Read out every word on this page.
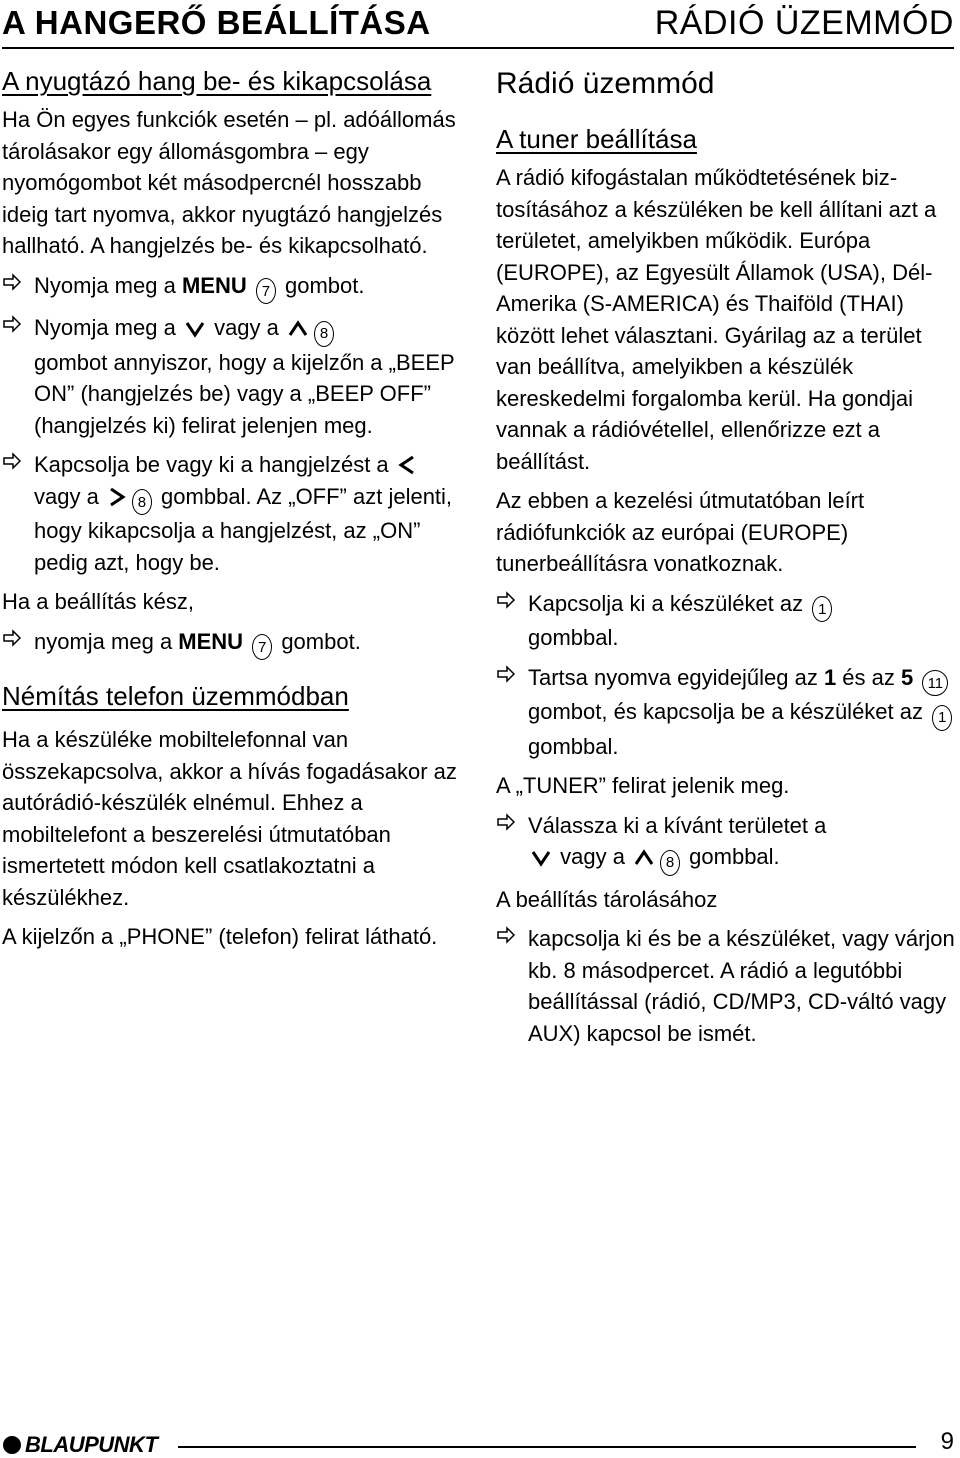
A HANGERŐ BEÁLLÍTÁSA	RÁDIÓ ÜZEMMÓD
A nyugtázó hang be- és kikapcsolása

Ha Ön egyes funkciók esetén – pl. adóállomás tárolásakor egy állomásgombra – egy nyomógombot két másodpercnél hosszabb ideig tart nyomva, akkor nyugtázó hangjelzés hallható. A hangjelzés be- és kikapcsolható.

Nyomja meg a MENU 7 gombot.

Nyomja meg a  vagy a 8
gombot annyiszor, hogy a kijelzőn a „BEEP ON” (hangjelzés be) vagy a „BEEP OFF” (hangjelzés ki) felirat jelenjen meg.

Kapcsolja be vagy ki a hangjelzést a  vagy a 8 gombbal. Az „OFF” azt jelenti, hogy kikapcsolja a hangjelzést, az „ON” pedig azt, hogy be.

Ha a beállítás kész,

nyomja meg a MENU 7 gombot.

Némítás telefon üzemmódban

Ha a készüléke mobiltelefonnal van összekapcsolva, akkor a hívás fogadásakor az autórádió-készülék elnémul. Ehhez a mobiltelefont a beszerelési útmutatóban ismertetett módon kell csatlakoztatni a készülékhez.

A kijelzőn a „PHONE” (telefon) felirat látható.

Rádió üzemmód
A tuner beállítása

A rádió kifogástalan működtetésének biztosításához a készüléken be kell állítani azt a területet, amelyikben működik. Európa (EUROPE), az Egyesült Államok (USA), Dél-Amerika (S-AMERICA) és Thaiföld (THAI) között lehet választani. Gyárilag az a terület van beállítva, amelyikben a készülék kereskedelmi forgalomba kerül. Ha gondjai vannak a rádióvétellel, ellenőrizze ezt a beállítást.

Az ebben a kezelési útmutatóban leírt rádiófunkciók az európai (EUROPE) tunerbeállításra vonatkoznak.

Kapcsolja ki a készüléket az 1
gombbal.

Tartsa nyomva egyidejűleg az 1 és az 5 11 gombot, és kapcsolja be a készüléket az 1 gombbal.

A „TUNER” felirat jelenik meg.

Válassza ki a kívánt területet a
vagy a 8 gombbal.

A beállítás tárolásához

kapcsolja ki és be a készüléket, vagy várjon kb. 8 másodpercet. A rádió a legutóbbi beállítással (rádió, CD/MP3, CD-váltó vagy AUX) kapcsol be ismét.

BLAUPUNKT	9
